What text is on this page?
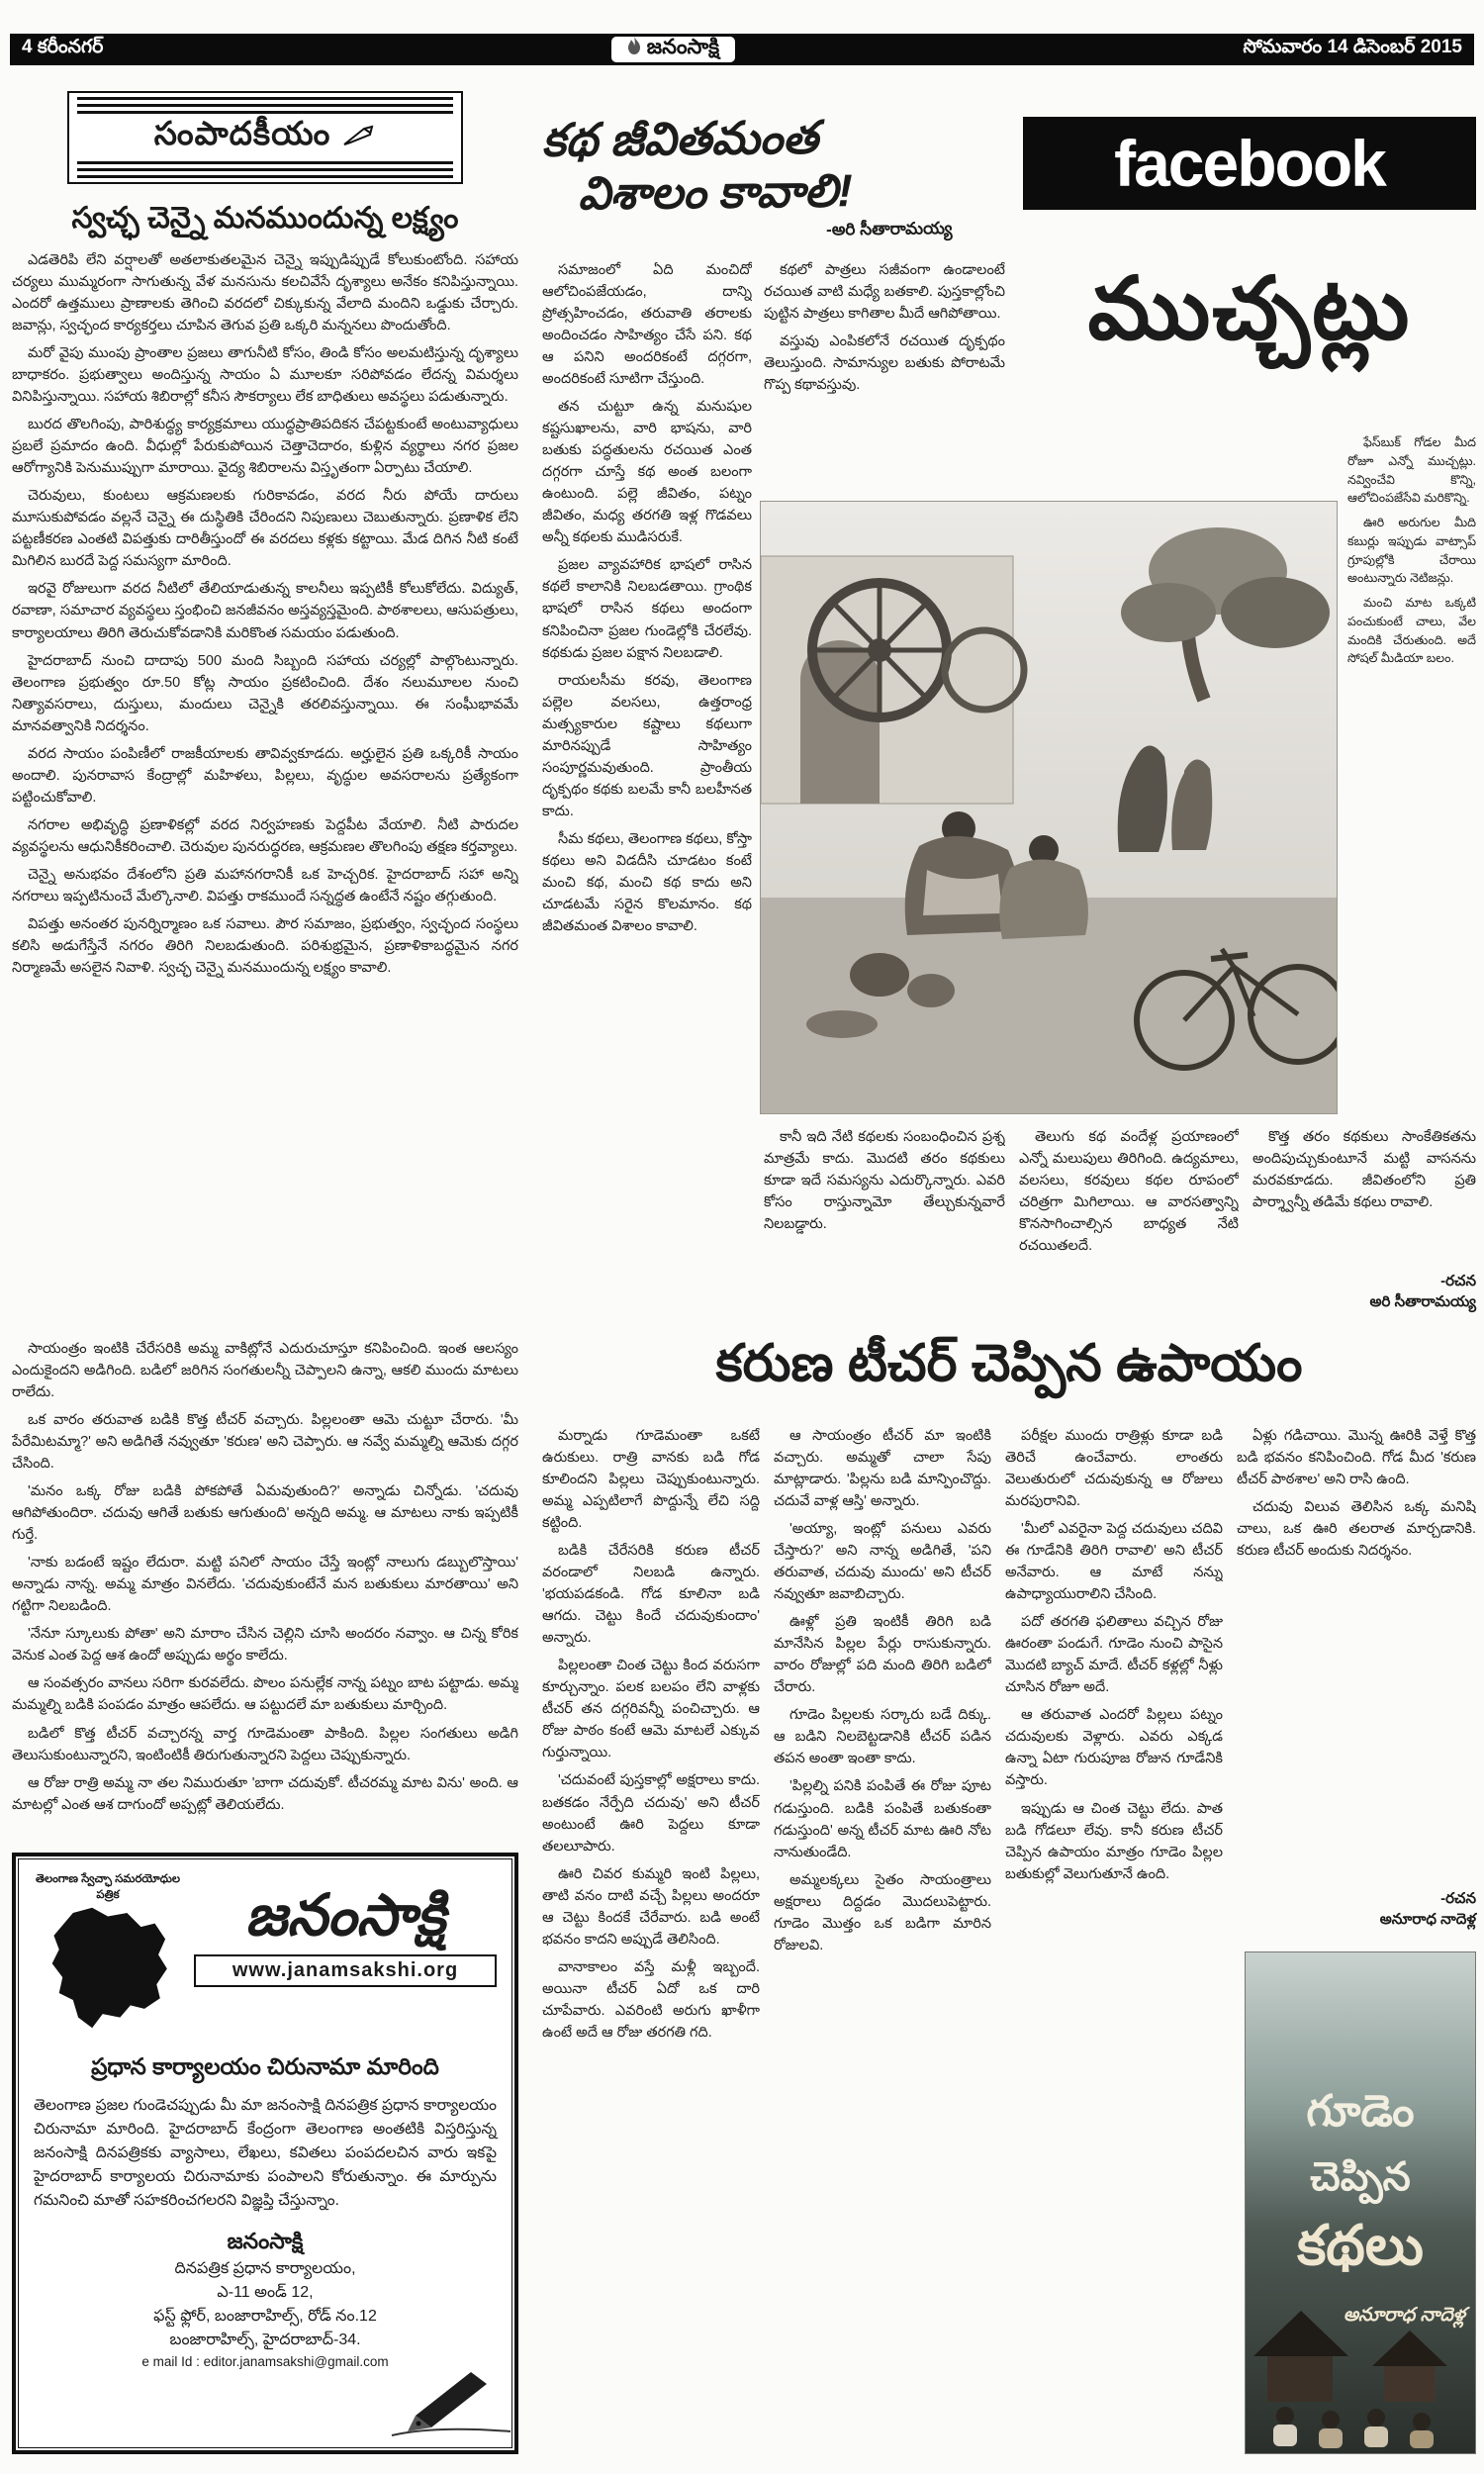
4 కరీంనగర్	జనంసాక్షి	సోమవారం 14 డిసెంబర్ 2015
సంపాదకీయం
స్వచ్ఛ చెన్నై మనముందున్న లక్ష్యం

ఎడతెరిపి లేని వర్షాలతో అతలాకుతలమైన చెన్నై ఇప్పుడిప్పుడే కోలుకుంటోంది. సహాయ చర్యలు ముమ్మరంగా సాగుతున్న వేళ మనసును కలచివేసే దృశ్యాలు అనేకం కనిపిస్తున్నాయి. ఎందరో ఉత్తములు ప్రాణాలకు తెగించి వరదలో చిక్కుకున్న వేలాది మందిని ఒడ్డుకు చేర్చారు. జవాన్లు, స్వచ్ఛంద కార్యకర్తలు చూపిన తెగువ ప్రతి ఒక్కరి మన్ననలు పొందుతోంది.

మరో వైపు ముంపు ప్రాంతాల ప్రజలు తాగునీటి కోసం, తిండి కోసం అలమటిస్తున్న దృశ్యాలు బాధాకరం. ప్రభుత్వాలు అందిస్తున్న సాయం ఏ మూలకూ సరిపోవడం లేదన్న విమర్శలు వినిపిస్తున్నాయి. సహాయ శిబిరాల్లో కనీస సౌకర్యాలు లేక బాధితులు అవస్థలు పడుతున్నారు.

బురద తొలగింపు, పారిశుద్ధ్య కార్యక్రమాలు యుద్ధప్రాతిపదికన చేపట్టకుంటే అంటువ్యాధులు ప్రబలే ప్రమాదం ఉంది. వీధుల్లో పేరుకుపోయిన చెత్తాచెదారం, కుళ్లిన వ్యర్థాలు నగర ప్రజల ఆరోగ్యానికి పెనుముప్పుగా మారాయి. వైద్య శిబిరాలను విస్తృతంగా ఏర్పాటు చేయాలి.

చెరువులు, కుంటలు ఆక్రమణలకు గురికావడం, వరద నీరు పోయే దారులు మూసుకుపోవడం వల్లనే చెన్నై ఈ దుస్థితికి చేరిందని నిపుణులు చెబుతున్నారు. ప్రణాళిక లేని పట్టణీకరణ ఎంతటి విపత్తుకు దారితీస్తుందో ఈ వరదలు కళ్లకు కట్టాయి. మేడ దిగిన నీటి కంటే మిగిలిన బురదే పెద్ద సమస్యగా మారింది.

ఇరవై రోజులుగా వరద నీటిలో తేలియాడుతున్న కాలనీలు ఇప్పటికీ కోలుకోలేదు. విద్యుత్, రవాణా, సమాచార వ్యవస్థలు స్తంభించి జనజీవనం అస్తవ్యస్తమైంది. పాఠశాలలు, ఆసుపత్రులు, కార్యాలయాలు తిరిగి తెరుచుకోవడానికి మరికొంత సమయం పడుతుంది.

హైదరాబాద్ నుంచి దాదాపు 500 మంది సిబ్బంది సహాయ చర్యల్లో పాల్గొంటున్నారు. తెలంగాణ ప్రభుత్వం రూ.50 కోట్ల సాయం ప్రకటించింది. దేశం నలుమూలల నుంచి నిత్యావసరాలు, దుస్తులు, మందులు చెన్నైకి తరలివస్తున్నాయి. ఈ సంఘీభావమే మానవత్వానికి నిదర్శనం.

వరద సాయం పంపిణీలో రాజకీయాలకు తావివ్వకూడదు. అర్హులైన ప్రతి ఒక్కరికీ సాయం అందాలి. పునరావాస కేంద్రాల్లో మహిళలు, పిల్లలు, వృద్ధుల అవసరాలను ప్రత్యేకంగా పట్టించుకోవాలి.

నగరాల అభివృద్ధి ప్రణాళికల్లో వరద నిర్వహణకు పెద్దపీట వేయాలి. నీటి పారుదల వ్యవస్థలను ఆధునికీకరించాలి. చెరువుల పునరుద్ధరణ, ఆక్రమణల తొలగింపు తక్షణ కర్తవ్యాలు.

చెన్నై అనుభవం దేశంలోని ప్రతి మహానగరానికీ ఒక హెచ్చరిక. హైదరాబాద్ సహా అన్ని నగరాలు ఇప్పటినుంచే మేల్కొనాలి. విపత్తు రాకముందే సన్నద్ధత ఉంటేనే నష్టం తగ్గుతుంది.

విపత్తు అనంతర పునర్నిర్మాణం ఒక సవాలు. పౌర సమాజం, ప్రభుత్వం, స్వచ్ఛంద సంస్థలు కలిసి అడుగేస్తేనే నగరం తిరిగి నిలబడుతుంది. పరిశుభ్రమైన, ప్రణాళికాబద్ధమైన నగర నిర్మాణమే అసలైన నివాళి. స్వచ్ఛ చెన్నై మనముందున్న లక్ష్యం కావాలి.

సాయంత్రం ఇంటికి చేరేసరికి అమ్మ వాకిట్లోనే ఎదురుచూస్తూ కనిపించింది. ఇంత ఆలస్యం ఎందుకైందని అడిగింది. బడిలో జరిగిన సంగతులన్నీ చెప్పాలని ఉన్నా, ఆకలి ముందు మాటలు రాలేదు.

ఒక వారం తరువాత బడికి కొత్త టీచర్ వచ్చారు. పిల్లలంతా ఆమె చుట్టూ చేరారు. 'మీ పేరేమిటమ్మా?' అని అడిగితే నవ్వుతూ 'కరుణ' అని చెప్పారు. ఆ నవ్వే మమ్మల్ని ఆమెకు దగ్గర చేసింది.

'మనం ఒక్క రోజు బడికి పోకపోతే ఏమవుతుంది?' అన్నాడు చిన్నోడు. 'చదువు ఆగిపోతుందిరా. చదువు ఆగితే బతుకు ఆగుతుంది' అన్నది అమ్మ. ఆ మాటలు నాకు ఇప్పటికీ గుర్తే.

'నాకు బడంటే ఇష్టం లేదురా. మట్టి పనిలో సాయం చేస్తే ఇంట్లో నాలుగు డబ్బులొస్తాయి' అన్నాడు నాన్న. అమ్మ మాత్రం వినలేదు. 'చదువుకుంటేనే మన బతుకులు మారతాయి' అని గట్టిగా నిలబడింది.

'నేనూ స్కూలుకు పోతా' అని మారాం చేసిన చెల్లిని చూసి అందరం నవ్వాం. ఆ చిన్న కోరిక వెనుక ఎంత పెద్ద ఆశ ఉందో అప్పుడు అర్థం కాలేదు.

ఆ సంవత్సరం వానలు సరిగా కురవలేదు. పొలం పనుల్లేక నాన్న పట్నం బాట పట్టాడు. అమ్మ మమ్మల్ని బడికి పంపడం మాత్రం ఆపలేదు. ఆ పట్టుదలే మా బతుకులు మార్చింది.

బడిలో కొత్త టీచర్ వచ్చారన్న వార్త గూడెమంతా పాకింది. పిల్లల సంగతులు అడిగి తెలుసుకుంటున్నారని, ఇంటింటికీ తిరుగుతున్నారని పెద్దలు చెప్పుకున్నారు.

ఆ రోజు రాత్రి అమ్మ నా తల నిమురుతూ 'బాగా చదువుకో. టీచరమ్మ మాట విను' అంది. ఆ మాటల్లో ఎంత ఆశ దాగుందో అప్పట్లో తెలియలేదు.

కథ జీవితమంత
విశాలం కావాలి!
-అరి సీతారామయ్య

సమాజంలో ఏది మంచిదో ఆలోచింపజేయడం, దాన్ని ప్రోత్సహించడం, తరువాతి తరాలకు అందించడం సాహిత్యం చేసే పని. కథ ఆ పనిని అందరికంటే దగ్గరగా, అందరికంటే సూటిగా చేస్తుంది.

తన చుట్టూ ఉన్న మనుషుల కష్టసుఖాలను, వారి భాషను, వారి బతుకు పద్ధతులను రచయిత ఎంత దగ్గరగా చూస్తే కథ అంత బలంగా ఉంటుంది. పల్లె జీవితం, పట్నం జీవితం, మధ్య తరగతి ఇళ్ల గొడవలు అన్నీ కథలకు ముడిసరుకే.

ప్రజల వ్యావహారిక భాషలో రాసిన కథలే కాలానికి నిలబడతాయి. గ్రాంథిక భాషలో రాసిన కథలు అందంగా కనిపించినా ప్రజల గుండెల్లోకి చేరలేవు. కథకుడు ప్రజల పక్షాన నిలబడాలి.

రాయలసీమ కరవు, తెలంగాణ పల్లెల వలసలు, ఉత్తరాంధ్ర మత్స్యకారుల కష్టాలు కథలుగా మారినప్పుడే సాహిత్యం సంపూర్ణమవుతుంది. ప్రాంతీయ దృక్పథం కథకు బలమే కానీ బలహీనత కాదు.

సీమ కథలు, తెలంగాణ కథలు, కోస్తా కథలు అని విడదీసి చూడటం కంటే మంచి కథ, మంచి కథ కాదు అని చూడటమే సరైన కొలమానం. కథ జీవితమంత విశాలం కావాలి.

కథలో పాత్రలు సజీవంగా ఉండాలంటే రచయిత వాటి మధ్యే బతకాలి. పుస్తకాల్లోంచి పుట్టిన పాత్రలు కాగితాల మీదే ఆగిపోతాయి.

వస్తువు ఎంపికలోనే రచయిత దృక్పథం తెలుస్తుంది. సామాన్యుల బతుకు పోరాటమే గొప్ప కథావస్తువు.

facebook
ముచ్చట్లు

ఫేస్‌బుక్ గోడల మీద రోజూ ఎన్నో ముచ్చట్లు. నవ్వించేవి కొన్ని, ఆలోచింపజేసేవి మరికొన్ని.

ఊరి అరుగుల మీది కబుర్లు ఇప్పుడు వాట్సాప్ గ్రూపుల్లోకి చేరాయి అంటున్నారు నెటిజన్లు.

మంచి మాట ఒక్కటి పంచుకుంటే చాలు, వేల మందికి చేరుతుంది. అదే సోషల్ మీడియా బలం.

కానీ ఇది నేటి కథలకు సంబంధించిన ప్రశ్న మాత్రమే కాదు. మొదటి తరం కథకులు కూడా ఇదే సమస్యను ఎదుర్కొన్నారు. ఎవరి కోసం రాస్తున్నామో తేల్చుకున్నవారే నిలబడ్డారు.

తెలుగు కథ వందేళ్ల ప్రయాణంలో ఎన్నో మలుపులు తిరిగింది. ఉద్యమాలు, వలసలు, కరవులు కథల రూపంలో చరిత్రగా మిగిలాయి. ఆ వారసత్వాన్ని కొనసాగించాల్సిన బాధ్యత నేటి రచయితలదే.

కొత్త తరం కథకులు సాంకేతికతను అందిపుచ్చుకుంటూనే మట్టి వాసనను మరవకూడదు. జీవితంలోని ప్రతి పార్శ్వాన్నీ తడిమే కథలు రావాలి.

-రచన
అరి సీతారామయ్య
కరుణ టీచర్ చెప్పిన ఉపాయం

మర్నాడు గూడెమంతా ఒకటే ఉరుకులు. రాత్రి వానకు బడి గోడ కూలిందని పిల్లలు చెప్పుకుంటున్నారు. అమ్మ ఎప్పటిలాగే పొద్దున్నే లేచి సద్ది కట్టింది.

బడికి చేరేసరికి కరుణ టీచర్ వరండాలో నిలబడి ఉన్నారు. 'భయపడకండి. గోడ కూలినా బడి ఆగదు. చెట్టు కిందే చదువుకుందాం' అన్నారు.

పిల్లలంతా చింత చెట్టు కింద వరుసగా కూర్చున్నాం. పలక బలపం లేని వాళ్లకు టీచర్ తన దగ్గరివన్నీ పంచిచ్చారు. ఆ రోజు పాఠం కంటే ఆమె మాటలే ఎక్కువ గుర్తున్నాయి.

'చదువంటే పుస్తకాల్లో అక్షరాలు కాదు. బతకడం నేర్పేది చదువు' అని టీచర్ అంటుంటే ఊరి పెద్దలు కూడా తలలూపారు.

ఊరి చివర కుమ్మరి ఇంటి పిల్లలు, తాటి వనం దాటి వచ్చే పిల్లలు అందరూ ఆ చెట్టు కిందకే చేరేవారు. బడి అంటే భవనం కాదని అప్పుడే తెలిసింది.

వానాకాలం వస్తే మళ్లీ ఇబ్బందే. అయినా టీచర్ ఏదో ఒక దారి చూపేవారు. ఎవరింటి అరుగు ఖాళీగా ఉంటే అదే ఆ రోజు తరగతి గది.

ఆ సాయంత్రం టీచర్ మా ఇంటికి వచ్చారు. అమ్మతో చాలా సేపు మాట్లాడారు. 'పిల్లను బడి మాన్పించొద్దు. చదువే వాళ్ల ఆస్తి' అన్నారు.

'అయ్యా, ఇంట్లో పనులు ఎవరు చేస్తారు?' అని నాన్న అడిగితే, 'పని తరువాత, చదువు ముందు' అని టీచర్ నవ్వుతూ జవాబిచ్చారు.

ఊళ్లో ప్రతి ఇంటికీ తిరిగి బడి మానేసిన పిల్లల పేర్లు రాసుకున్నారు. వారం రోజుల్లో పది మంది తిరిగి బడిలో చేరారు.

గూడెం పిల్లలకు సర్కారు బడే దిక్కు. ఆ బడిని నిలబెట్టడానికి టీచర్ పడిన తపన అంతా ఇంతా కాదు.

'పిల్లల్ని పనికి పంపితే ఈ రోజు పూట గడుస్తుంది. బడికి పంపితే బతుకంతా గడుస్తుంది' అన్న టీచర్ మాట ఊరి నోట నానుతుండేది.

అమ్మలక్కలు సైతం సాయంత్రాలు అక్షరాలు దిద్దడం మొదలుపెట్టారు. గూడెం మొత్తం ఒక బడిగా మారిన రోజులవి.

పరీక్షల ముందు రాత్రిళ్లు కూడా బడి తెరిచే ఉంచేవారు. లాంతరు వెలుతురులో చదువుకున్న ఆ రోజులు మరపురానివి.

'మీలో ఎవరైనా పెద్ద చదువులు చదివి ఈ గూడేనికి తిరిగి రావాలి' అని టీచర్ అనేవారు. ఆ మాటే నన్ను ఉపాధ్యాయురాలిని చేసింది.

పదో తరగతి ఫలితాలు వచ్చిన రోజు ఊరంతా పండుగే. గూడెం నుంచి పాసైన మొదటి బ్యాచ్ మాదే. టీచర్ కళ్లల్లో నీళ్లు చూసిన రోజూ అదే.

ఆ తరువాత ఎందరో పిల్లలు పట్నం చదువులకు వెళ్లారు. ఎవరు ఎక్కడ ఉన్నా ఏటా గురుపూజ రోజున గూడేనికి వస్తారు.

ఇప్పుడు ఆ చింత చెట్టు లేదు. పాత బడి గోడలూ లేవు. కానీ కరుణ టీచర్ చెప్పిన ఉపాయం మాత్రం గూడెం పిల్లల బతుకుల్లో వెలుగుతూనే ఉంది.

ఏళ్లు గడిచాయి. మొన్న ఊరికి వెళ్తే కొత్త బడి భవనం కనిపించింది. గోడ మీద 'కరుణ టీచర్ పాఠశాల' అని రాసి ఉంది.

చదువు విలువ తెలిసిన ఒక్క మనిషి చాలు, ఒక ఊరి తలరాత మార్చడానికి. కరుణ టీచర్ అందుకు నిదర్శనం.

-రచన
అనూరాధ నాదెళ్ల
తెలంగాణ స్వేచ్ఛా సమరయోధుల పత్రిక	జనంసాక్షి
www.janamsakshi.org
ప్రధాన కార్యాలయం చిరునామా మారింది

తెలంగాణ ప్రజల గుండెచప్పుడు మీ మా జనంసాక్షి దినపత్రిక ప్రధాన కార్యాలయం చిరునామా మారింది. హైదరాబాద్ కేంద్రంగా తెలంగాణ అంతటికి విస్తరిస్తున్న జనంసాక్షి దినపత్రికకు వ్యాసాలు, లేఖలు, కవితలు పంపదలచిన వారు ఇకపై హైదరాబాద్ కార్యాలయ చిరునామాకు పంపాలని కోరుతున్నాం. ఈ మార్పును గమనించి మాతో సహకరించగలరని విజ్ఞప్తి చేస్తున్నాం.

జనంసాక్షి

దినపత్రిక ప్రధాన కార్యాలయం,

ఎ-11 అండ్ 12,

ఫస్ట్ ఫ్లోర్, బంజారాహిల్స్, రోడ్ నం.12

బంజారాహిల్స్, హైదరాబాద్-34.

e mail Id : editor.janamsakshi@gmail.com

గూడెం
చెప్పిన
కథలు
అనూరాధ నాదెళ్ల
